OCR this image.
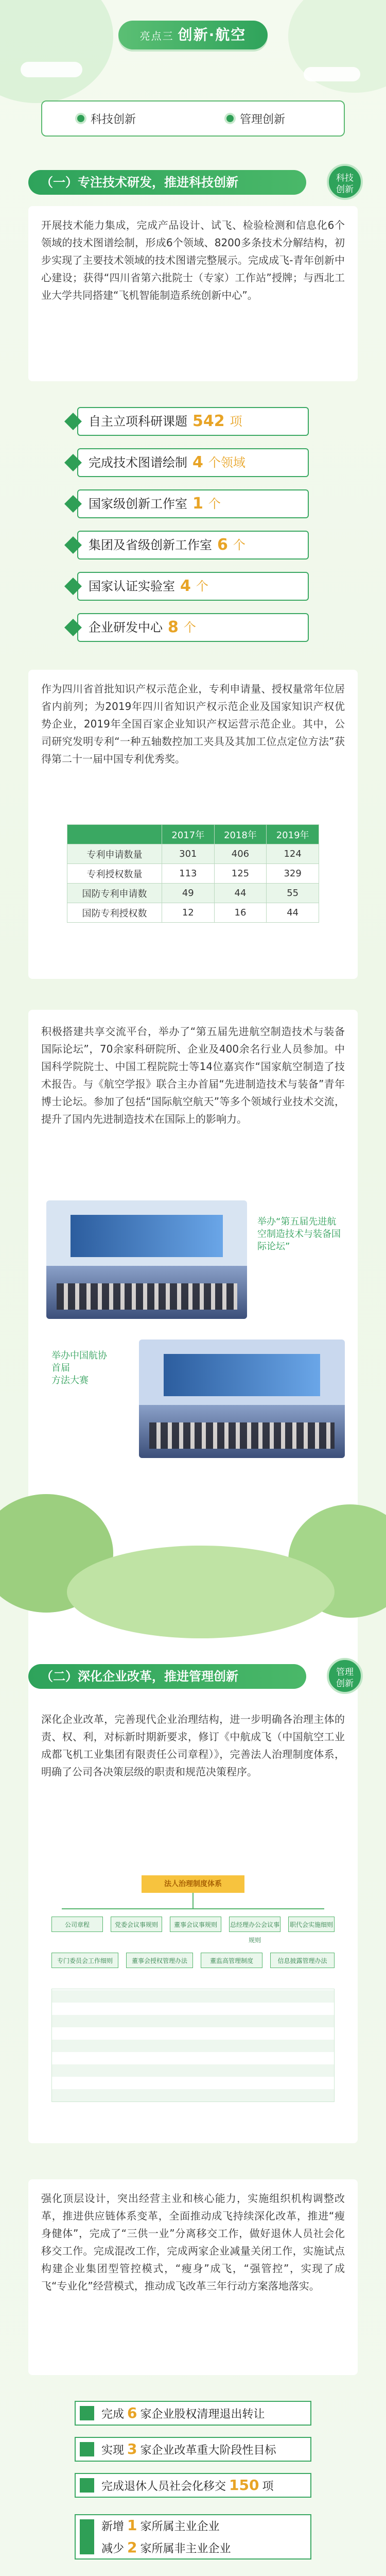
亮点三 创新·航空
科技创新	管理创新
（一）专注技术研发，推进科技创新	科技
创新
开展技术能力集成，完成产品设计、试飞、检验检测和信息化6个领域的技术图谱绘制，形成6个领域、8200多条技术分解结构，初步实现了主要技术领域的技术图谱完整展示。完成成飞-青年创新中心建设；获得“四川省第六批院士（专家）工作站”授牌；与西北工业大学共同搭建“飞机智能制造系统创新中心”。
自主立项科研课题 542 项
完成技术图谱绘制 4 个领域
国家级创新工作室 1 个
集团及省级创新工作室 6 个
国家认证实验室 4 个
企业研发中心 8 个
作为四川省首批知识产权示范企业，专利申请量、授权量常年位居省内前列；为2019年四川省知识产权示范企业及国家知识产权优势企业，2019年全国百家企业知识产权运营示范企业。其中，公司研究发明专利“一种五轴数控加工夹具及其加工位点定位方法”获得第二十一届中国专利优秀奖。
	2017年	2018年	2019年
专利申请数量	301	406	124
专利授权数量	113	125	329
国防专利申请数	49	44	55
国防专利授权数	12	16	44
积极搭建共享交流平台，举办了“第五届先进航空制造技术与装备国际论坛”，70余家科研院所、企业及400余名行业人员参加。中国科学院院士、中国工程院院士等14位嘉宾作“国家航空制造了技术报告。与《航空学报》联合主办首届“先进制造技术与装备”青年博士论坛。参加了包括“国际航空航天”等多个领域行业技术交流，提升了国内先进制造技术在国际上的影响力。
举办“第五届先进航空制造技术与装备国际论坛”
举办中国航协
首届
方法大赛
（二）深化企业改革，推进管理创新	管理
创新
深化企业改革，完善现代企业治理结构，进一步明确各治理主体的责、权、利，对标新时期新要求，修订《中航成飞（中国航空工业成都飞机工业集团有限责任公司章程）》，完善法人治理制度体系，明确了公司各决策层级的职责和规范决策程序。
法人治理制度体系
公司章程	党委会议事规则	董事会议事规则	总经理办公会议事规则
职代会实施细则
专门委员会工作细则	董事会授权管理办法	董监高管理制度	信息披露管理办法
强化顶层设计，突出经营主业和核心能力，实施组织机构调整改革，推进供应链体系变革，全面推动成飞持续深化改革，推进“瘦身健体”，完成了“三供一业”分离移交工作，做好退休人员社会化移交工作。完成混改工作，完成两家企业减量关闭工作，实施试点构建企业集团型管控模式，“瘦身”成飞，“强管控”，实现了成飞“专业化”经营模式，推动成飞改革三年行动方案落地落实。
完成 6 家企业股权清理退出转让
实现 3 家企业改革重大阶段性目标
完成退休人员社会化移交 150 项
新增 1 家所属主业企业
减少 2 家所属非主业企业
